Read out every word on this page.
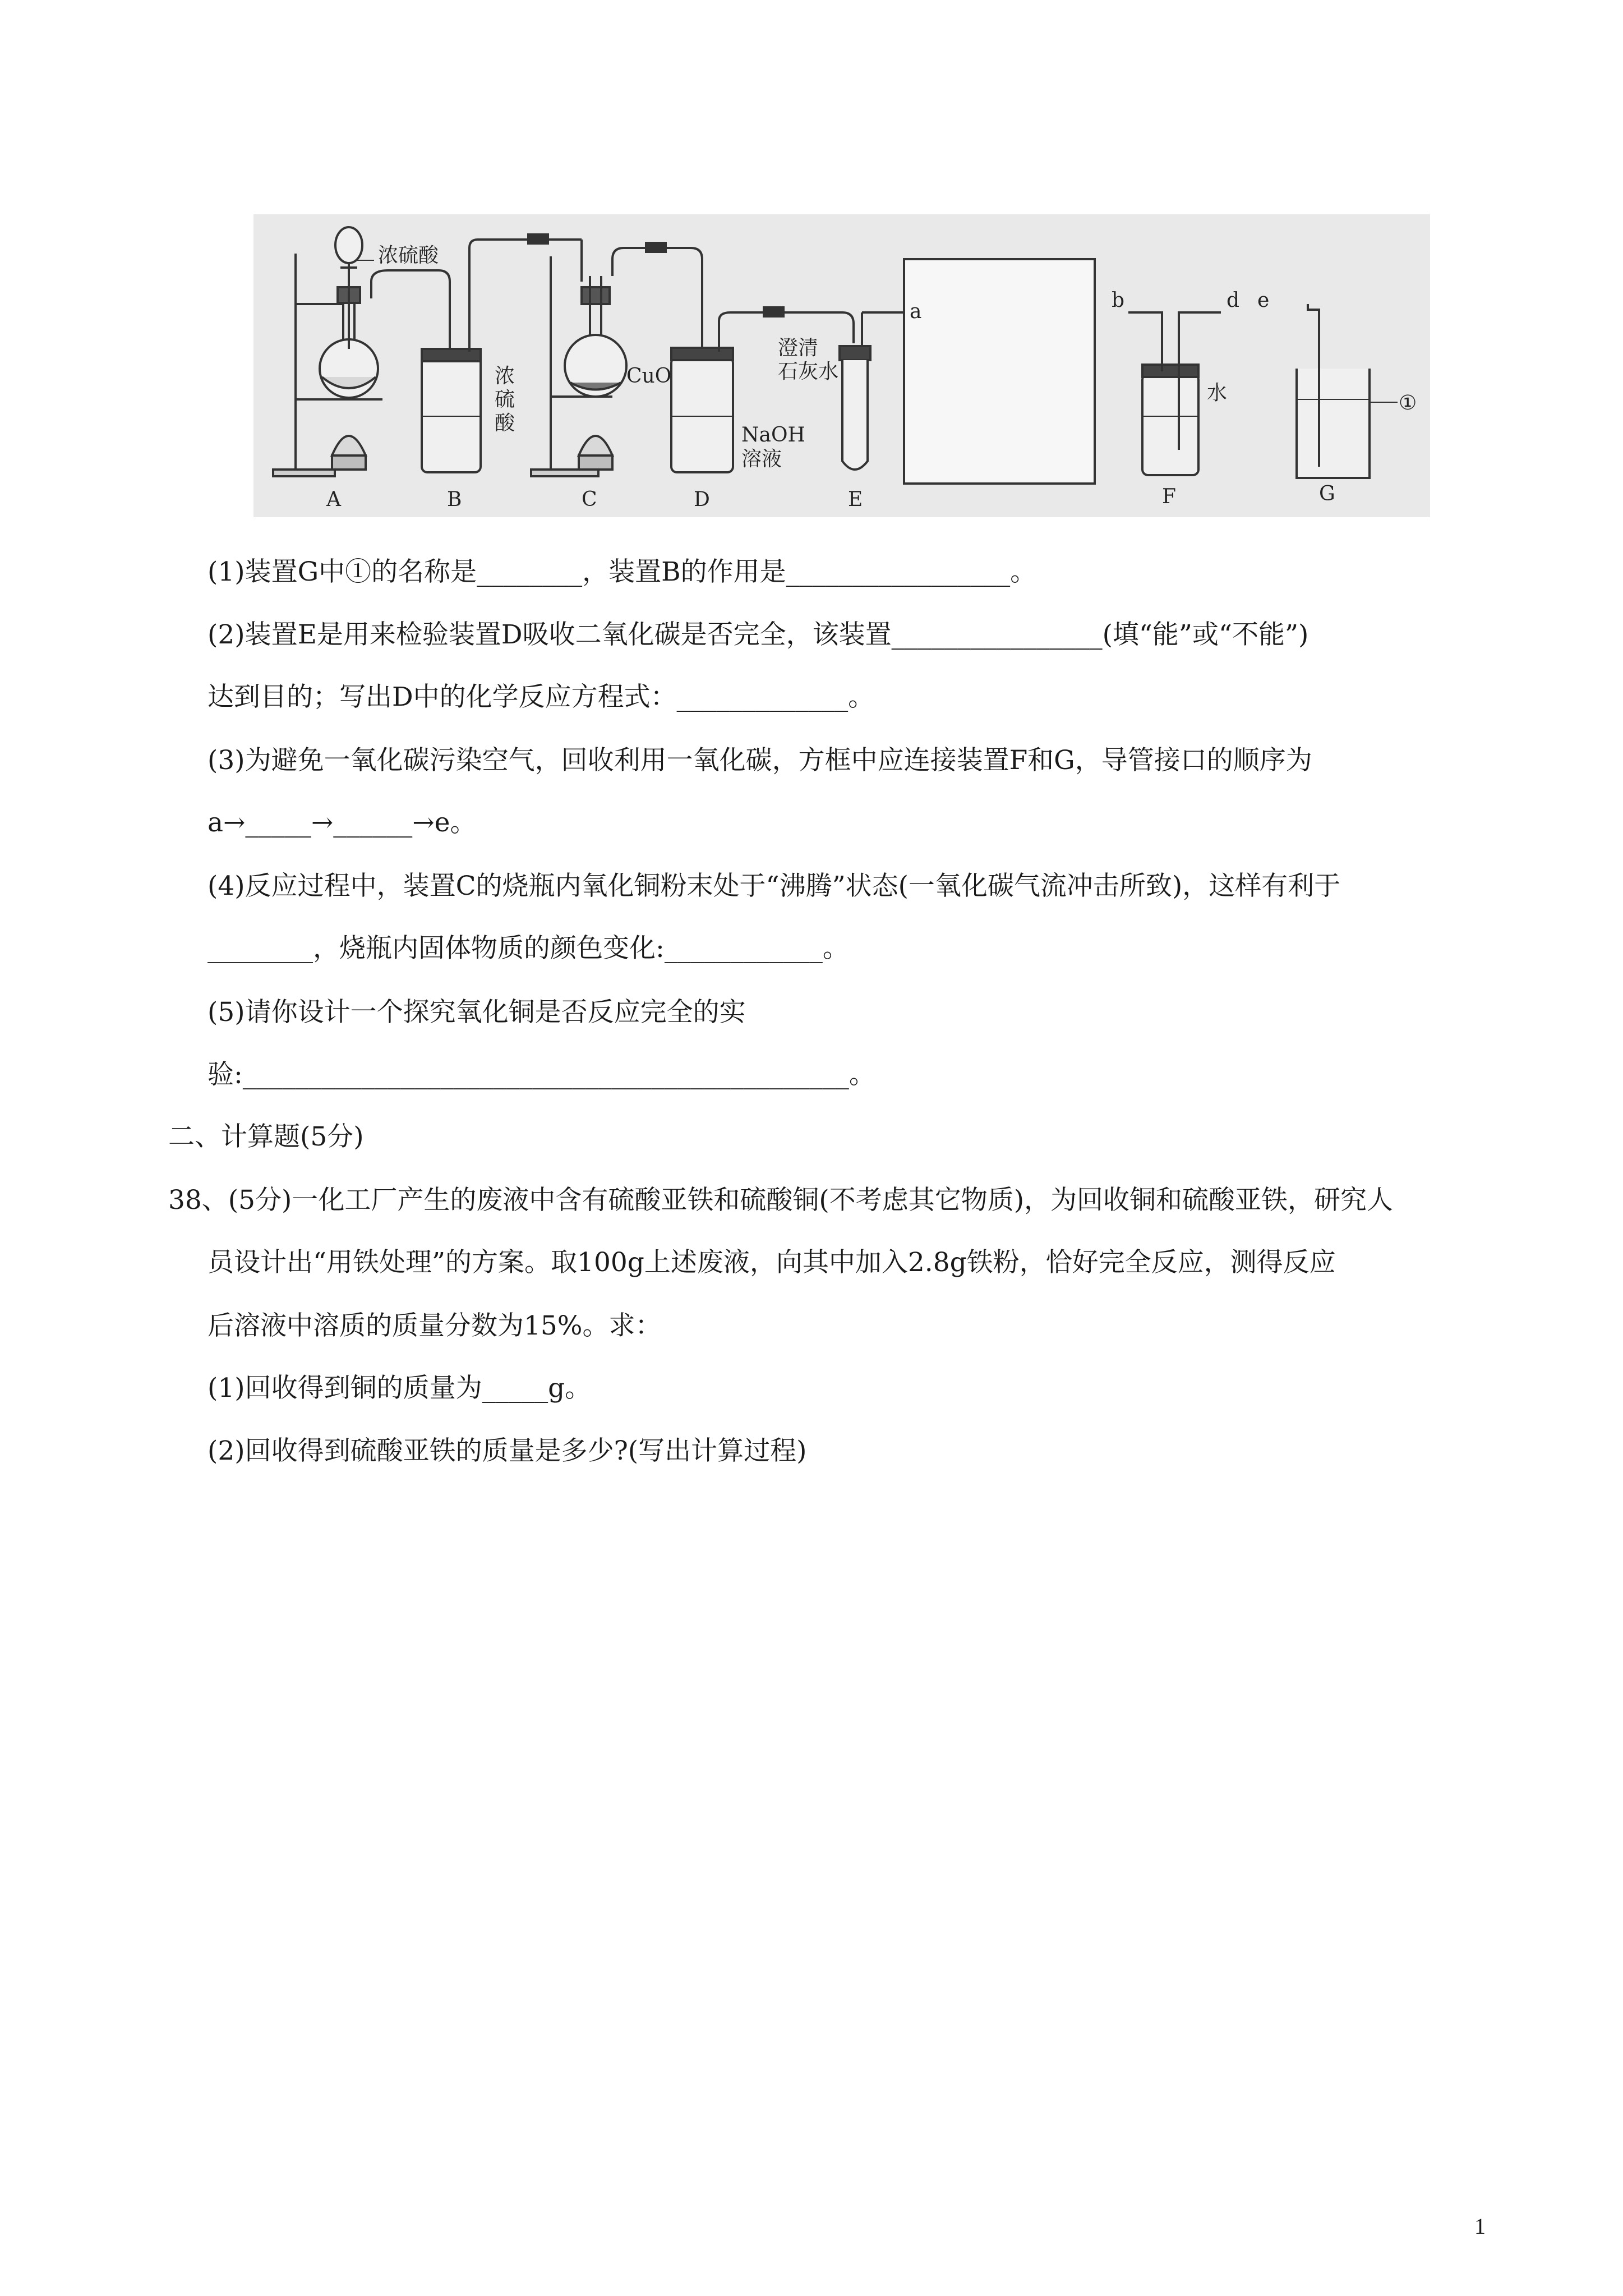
浓硫酸
浓
硫
酸
CuO
NaOH
溶液
澄清
石灰水
水
a	b	d e
①
A	B	C	D	E	F	G
(1)装置G中①的名称是________，装置B的作用是_________________。
(2)装置E是用来检验装置D吸收二氧化碳是否完全，该装置________________(填“能”或“不能”)
达到目的；写出D中的化学反应方程式：_____________。
(3)为避免一氧化碳污染空气，回收利用一氧化碳，方框中应连接装置F和G，导管接口的顺序为
a→_____→______→e。
(4)反应过程中，装置C的烧瓶内氧化铜粉末处于“沸腾”状态(一氧化碳气流冲击所致)，这样有利于
________，烧瓶内固体物质的颜色变化:____________。
(5)请你设计一个探究氧化铜是否反应完全的实
验:______________________________________________。
二、计算题(5分)
38、(5分)一化工厂产生的废液中含有硫酸亚铁和硫酸铜(不考虑其它物质)，为回收铜和硫酸亚铁，研究人
员设计出“用铁处理”的方案。取100g上述废液，向其中加入2.8g铁粉，恰好完全反应，测得反应
后溶液中溶质的质量分数为15%。求：
(1)回收得到铜的质量为_____g。
(2)回收得到硫酸亚铁的质量是多少?(写出计算过程)
1
